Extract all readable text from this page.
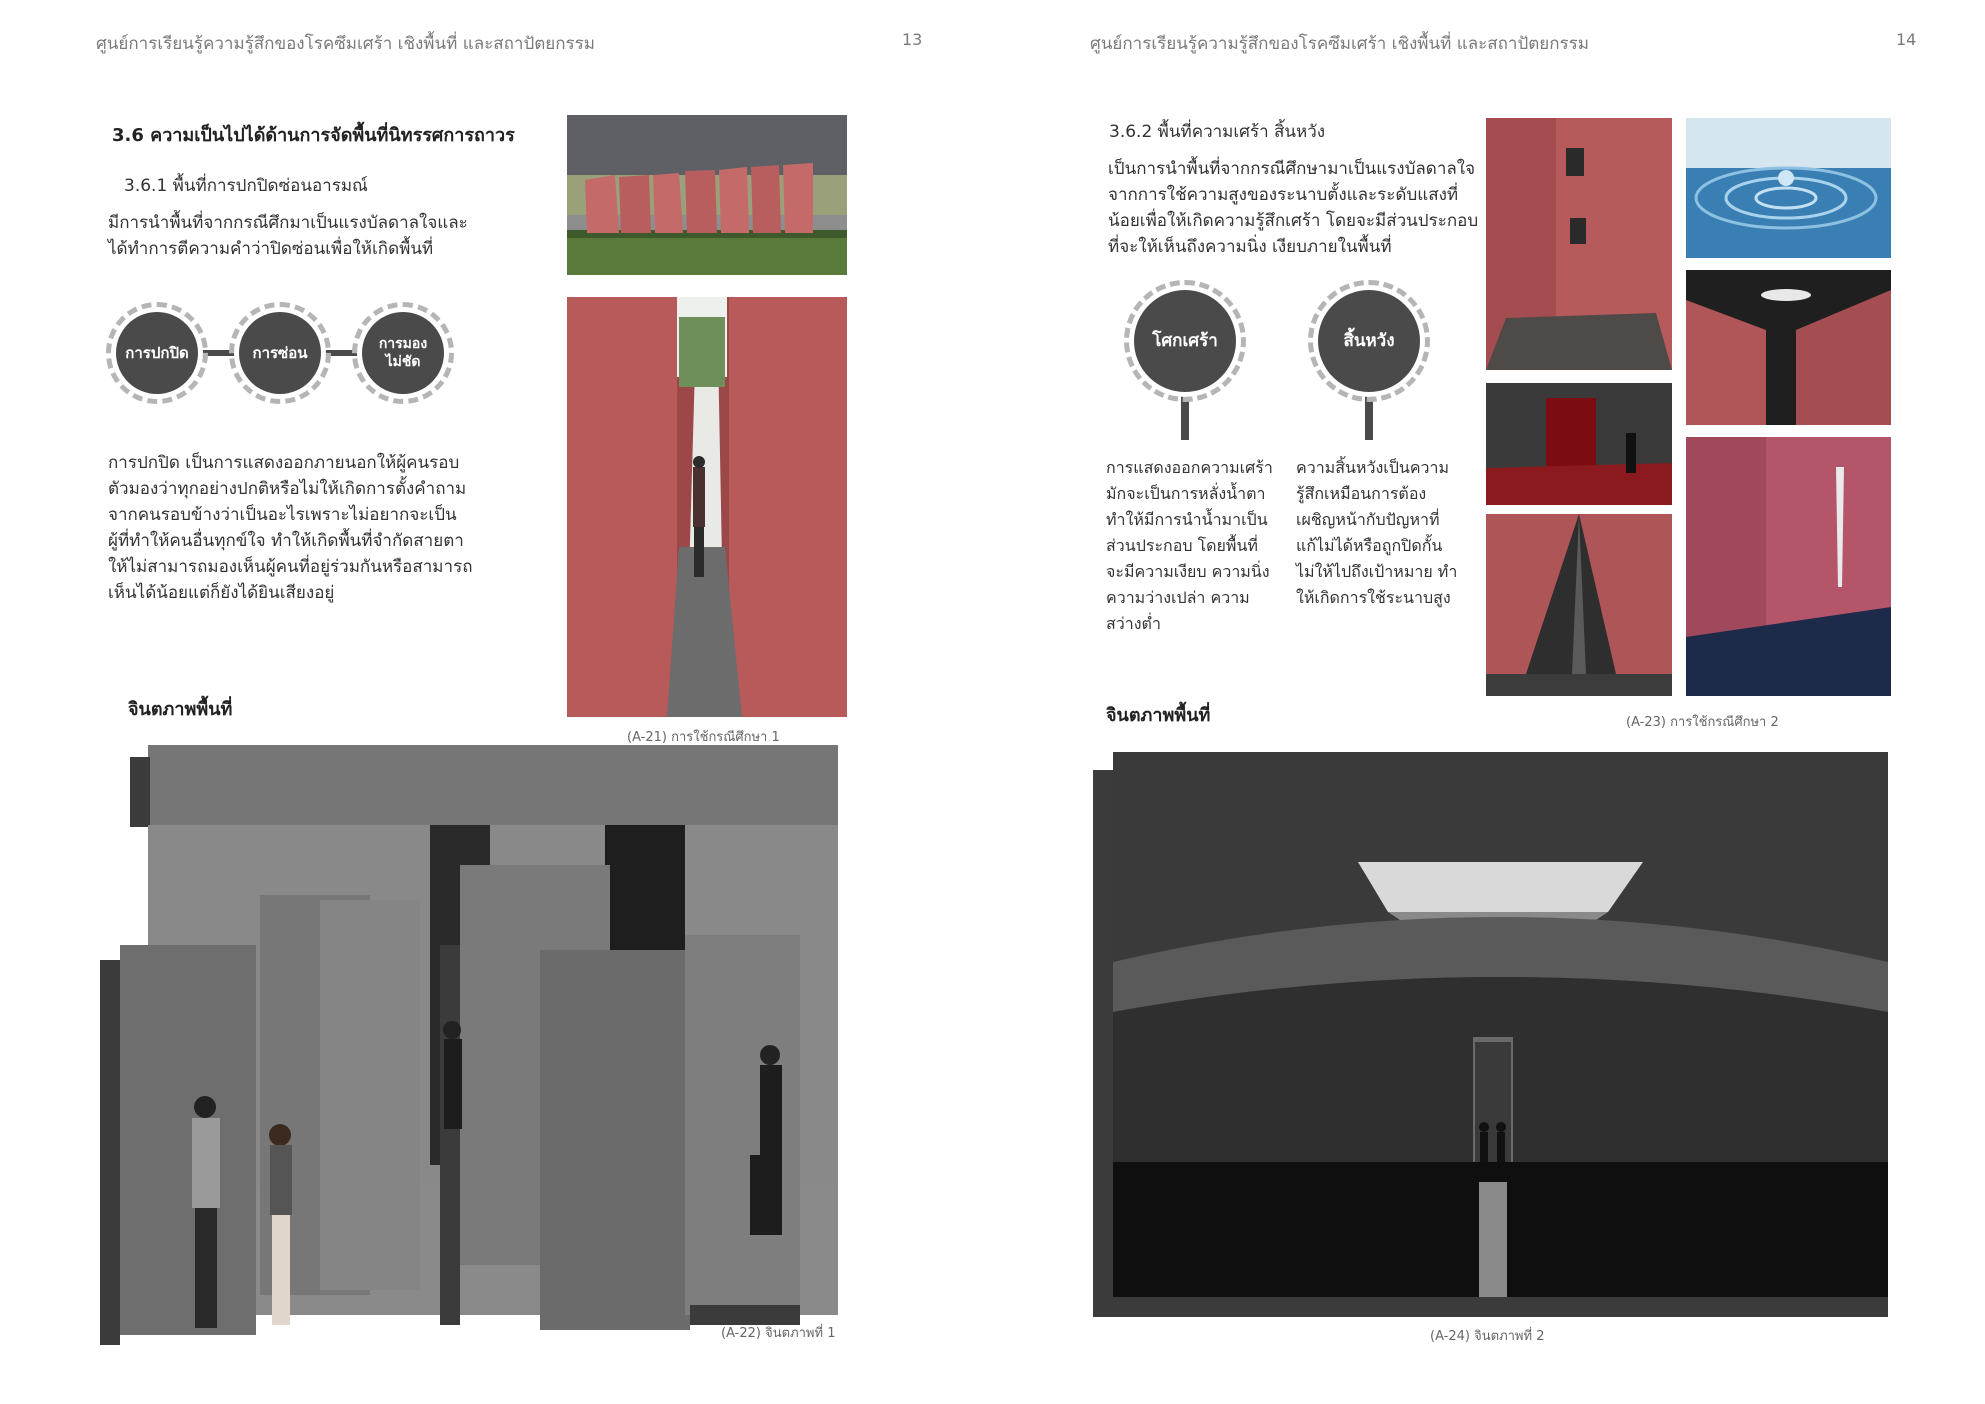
ศูนย์การเรียนรู้ความรู้สึกของโรคซึมเศร้า เชิงพื้นที่ และสถาปัตยกรรม	13
3.6 ความเป็นไปได้ด้านการจัดพื้นที่นิทรรศการถาวร
3.6.1 พื้นที่การปกปิดซ่อนอารมณ์
มีการนำพื้นที่จากกรณีศึกมาเป็นแรงบัลดาลใจและ
ได้ทำการตีความคำว่าปิดซ่อนเพื่อให้เกิดพื้นที่
การปกปิด	การซ่อน	การมอง
ไม่ชัด
การปกปิด เป็นการแสดงออกภายนอกให้ผู้คนรอบ
ตัวมองว่าทุกอย่างปกติหรือไม่ให้เกิดการตั้งคำถาม
จากคนรอบข้างว่าเป็นอะไรเพราะไม่อยากจะเป็น
ผู้ที่ทำให้คนอื่นทุกข์ใจ ทำให้เกิดพื้นที่จำกัดสายตา
ให้ไม่สามารถมองเห็นผู้คนที่อยู่ร่วมกันหรือสามารถ
เห็นได้น้อยแต่ก็ยังได้ยินเสียงอยู่
(A-21) การใช้กรณีศึกษา 1
จินตภาพพื้นที่
(A-22) จินตภาพที่ 1
ศูนย์การเรียนรู้ความรู้สึกของโรคซึมเศร้า เชิงพื้นที่ และสถาปัตยกรรม	14
3.6.2 พื้นที่ความเศร้า สิ้นหวัง
เป็นการนำพื้นที่จากกรณีศึกษามาเป็นแรงบัลดาลใจ
จากการใช้ความสูงของระนาบตั้งและระดับแสงที่
น้อยเพื่อให้เกิดความรู้สึกเศร้า โดยจะมีส่วนประกอบ
ที่จะให้เห็นถึงความนิ่ง เงียบภายในพื้นที่
โศกเศร้า	สิ้นหวัง
การแสดงออกความเศร้า
มักจะเป็นการหลั่งน้ำตา
ทำให้มีการนำน้ำมาเป็น
ส่วนประกอบ โดยพื้นที่
จะมีความเงียบ ความนิ่ง
ความว่างเปล่า ความ
สว่างต่ำ
ความสิ้นหวังเป็นความ
รู้สึกเหมือนการต้อง
เผชิญหน้ากับปัญหาที่
แก้ไม่ได้หรือถูกปิดกั้น
ไม่ให้ไปถึงเป้าหมาย ทำ
ให้เกิดการใช้ระนาบสูง
จินตภาพพื้นที่	(A-23) การใช้กรณีศึกษา 2
(A-24) จินตภาพที่ 2
